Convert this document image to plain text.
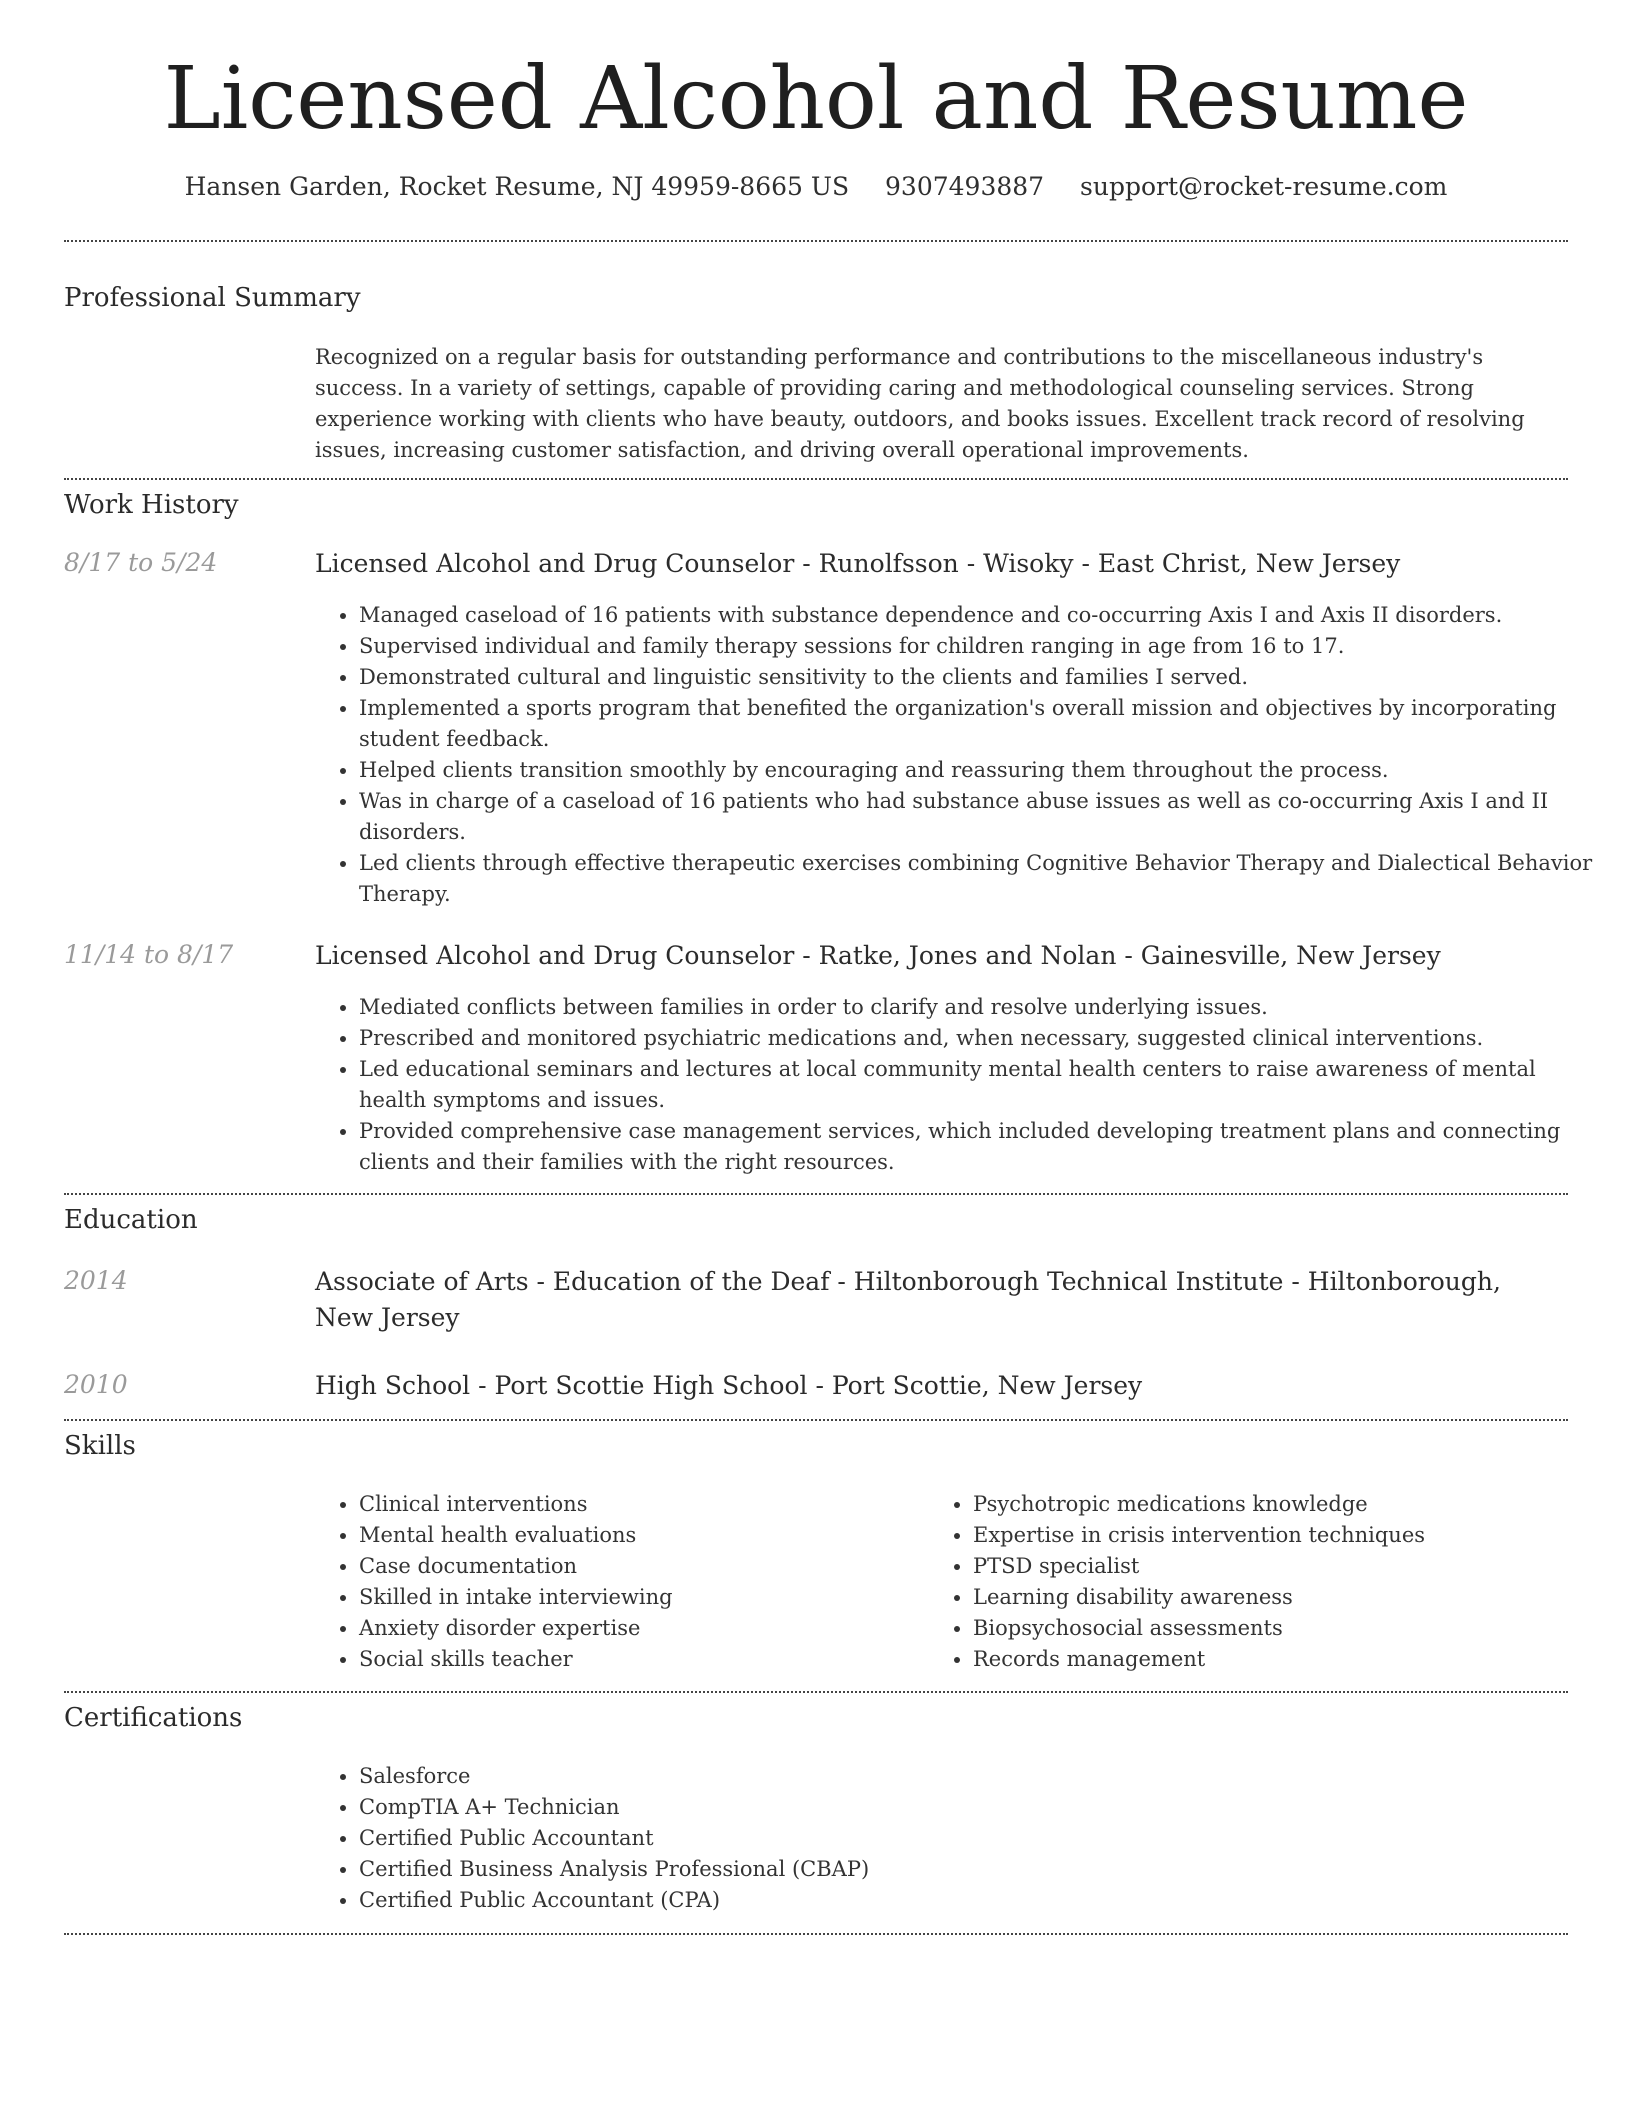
Licensed Alcohol and Resume
Hansen Garden, Rocket Resume, NJ 49959-8665 US 9307493887 support@rocket-resume.com
Professional Summary
Recognized on a regular basis for outstanding performance and contributions to the miscellaneous industry's success. In a variety of settings, capable of providing caring and methodological counseling services. Strong experience working with clients who have beauty, outdoors, and books issues. Excellent track record of resolving issues, increasing customer satisfaction, and driving overall operational improvements.
Work History
8/17 to 5/24	Licensed Alcohol and Drug Counselor - Runolfsson - Wisoky - East Christ, New Jersey
• Managed caseload of 16 patients with substance dependence and co-occurring Axis I and Axis II disorders.
• Supervised individual and family therapy sessions for children ranging in age from 16 to 17.
• Demonstrated cultural and linguistic sensitivity to the clients and families I served.
• Implemented a sports program that benefited the organization's overall mission and objectives by incorporating student feedback.
• Helped clients transition smoothly by encouraging and reassuring them throughout the process.
• Was in charge of a caseload of 16 patients who had substance abuse issues as well as co-occurring Axis I and II disorders.
• Led clients through effective therapeutic exercises combining Cognitive Behavior Therapy and Dialectical Behavior Therapy.
11/14 to 8/17	Licensed Alcohol and Drug Counselor - Ratke, Jones and Nolan - Gainesville, New Jersey
• Mediated conflicts between families in order to clarify and resolve underlying issues.
• Prescribed and monitored psychiatric medications and, when necessary, suggested clinical interventions.
• Led educational seminars and lectures at local community mental health centers to raise awareness of mental health symptoms and issues.
• Provided comprehensive case management services, which included developing treatment plans and connecting clients and their families with the right resources.
Education
2014	Associate of Arts - Education of the Deaf - Hiltonborough Technical Institute - Hiltonborough, New Jersey
2010	High School - Port Scottie High School - Port Scottie, New Jersey
Skills
• Clinical interventions
• Mental health evaluations
• Case documentation
• Skilled in intake interviewing
• Anxiety disorder expertise
• Social skills teacher
• Psychotropic medications knowledge
• Expertise in crisis intervention techniques
• PTSD specialist
• Learning disability awareness
• Biopsychosocial assessments
• Records management
Certifications
• Salesforce
• CompTIA A+ Technician
• Certified Public Accountant
• Certified Business Analysis Professional (CBAP)
• Certified Public Accountant (CPA)
